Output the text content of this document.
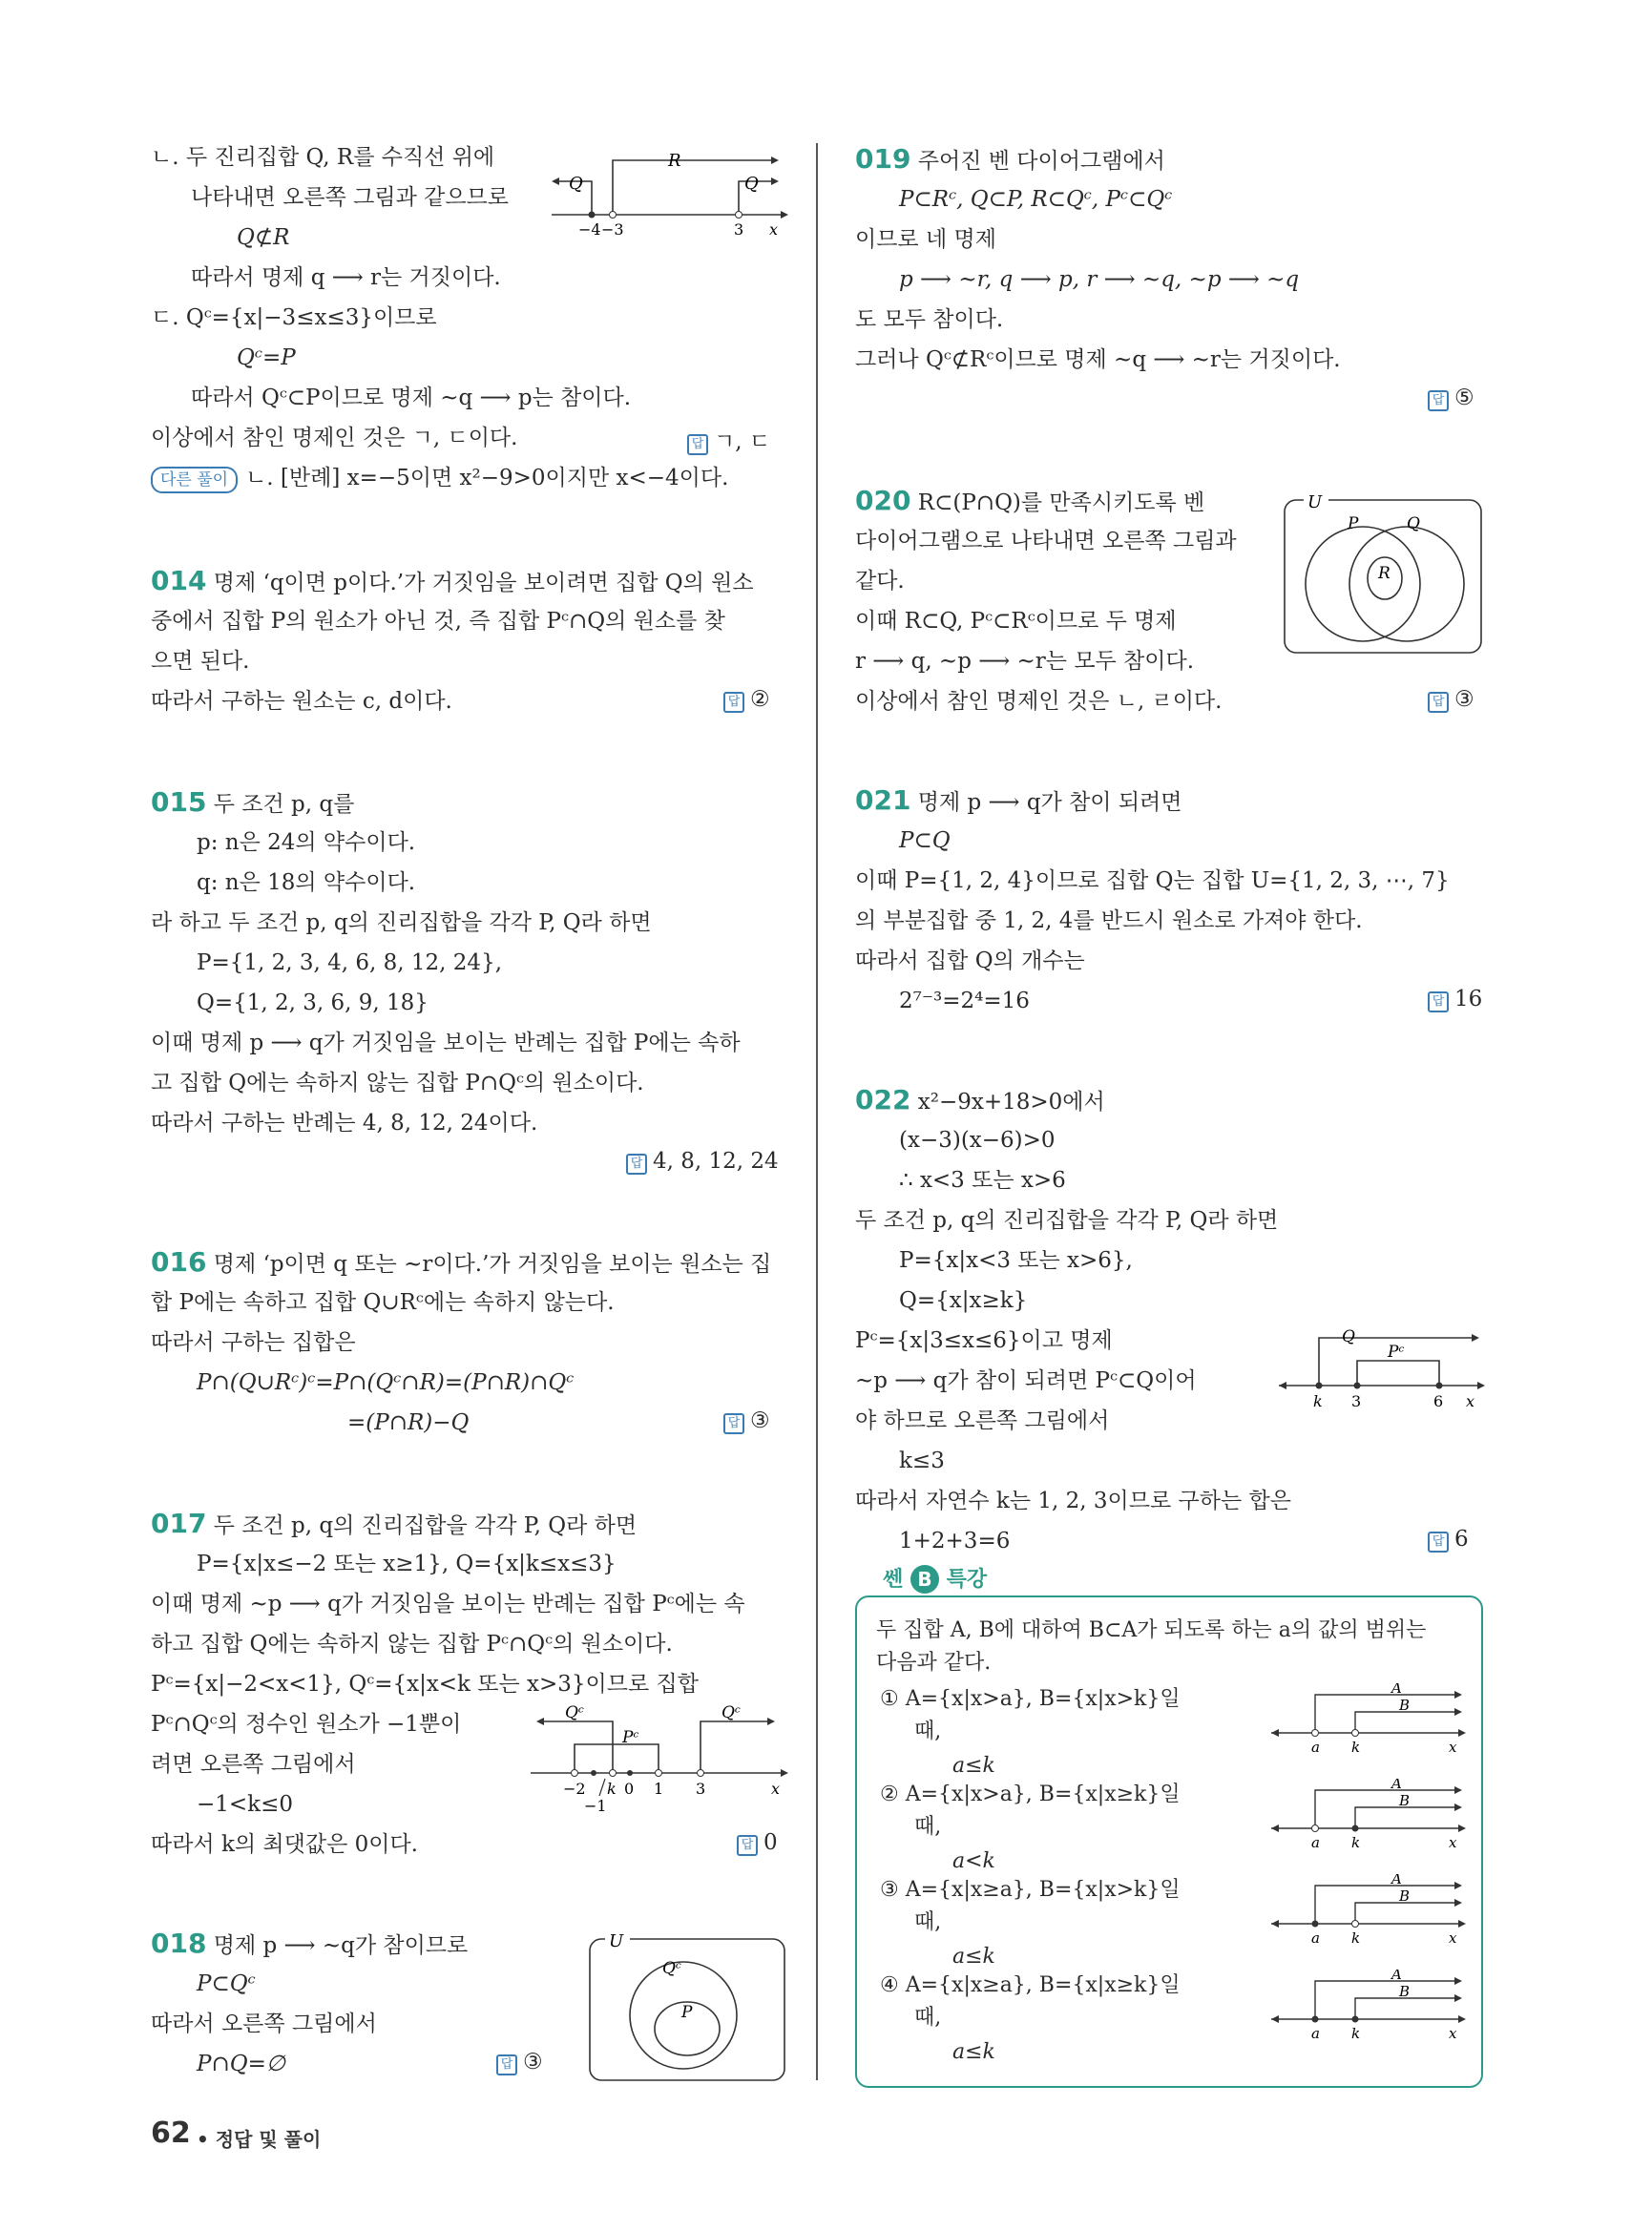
ㄴ. 두 진리집합 Q, R를 수직선 위에
나타내면 오른쪽 그림과 같으므로
Q⊄R
따라서 명제 q ⟶ r는 거짓이다.
ㄷ. Qᶜ={x|−3≤x≤3}이므로
Qᶜ=P
따라서 Qᶜ⊂P이므로 명제 ~q ⟶ p는 참이다.
이상에서 참인 명제인 것은 ㄱ, ㄷ이다.	답 ㄱ, ㄷ
다른 풀이 ㄴ. [반례] x=−5이면 x²−9>0이지만 x<−4이다.
Q
R
Q
−4 −3	3 x
014 명제 ‘q이면 p이다.’가 거짓임을 보이려면 집합 Q의 원소
중에서 집합 P의 원소가 아닌 것, 즉 집합 Pᶜ∩Q의 원소를 찾
으면 된다.
따라서 구하는 원소는 c, d이다.	답 ②
015 두 조건 p, q를
p: n은 24의 약수이다.
q: n은 18의 약수이다.
라 하고 두 조건 p, q의 진리집합을 각각 P, Q라 하면
P={1, 2, 3, 4, 6, 8, 12, 24},
Q={1, 2, 3, 6, 9, 18}
이때 명제 p ⟶ q가 거짓임을 보이는 반례는 집합 P에는 속하
고 집합 Q에는 속하지 않는 집합 P∩Qᶜ의 원소이다.
따라서 구하는 반례는 4, 8, 12, 24이다.
답 4, 8, 12, 24
016 명제 ‘p이면 q 또는 ~r이다.’가 거짓임을 보이는 원소는 집
합 P에는 속하고 집합 Q∪Rᶜ에는 속하지 않는다.
따라서 구하는 집합은
P∩(Q∪Rᶜ)ᶜ=P∩(Qᶜ∩R)=(P∩R)∩Qᶜ
=(P∩R)−Q	답 ③
017 두 조건 p, q의 진리집합을 각각 P, Q라 하면
P={x|x≤−2 또는 x≥1}, Q={x|k≤x≤3}
이때 명제 ~p ⟶ q가 거짓임을 보이는 반례는 집합 Pᶜ에는 속
하고 집합 Q에는 속하지 않는 집합 Pᶜ∩Qᶜ의 원소이다.
Pᶜ={x|−2<x<1}, Qᶜ={x|x<k 또는 x>3}이므로 집합
Pᶜ∩Qᶜ의 정수인 원소가 −1뿐이
려면 오른쪽 그림에서
−1<k≤0
따라서 k의 최댓값은 0이다.	답 0
Qᶜ
Pᶜ
Qᶜ
−2 k 0 1 3
−1
x
018 명제 p ⟶ ~q가 참이므로
P⊂Qᶜ
따라서 오른쪽 그림에서
P∩Q=∅	답 ③
U
Qᶜ
P
019 주어진 벤 다이어그램에서
P⊂Rᶜ, Q⊂P, R⊂Qᶜ, Pᶜ⊂Qᶜ
이므로 네 명제
p ⟶ ~r, q ⟶ p, r ⟶ ~q, ~p ⟶ ~q
도 모두 참이다.
그러나 Qᶜ⊄Rᶜ이므로 명제 ~q ⟶ ~r는 거짓이다.
답 ⑤
020 R⊂(P∩Q)를 만족시키도록 벤
다이어그램으로 나타내면 오른쪽 그림과
같다.
이때 R⊂Q, Pᶜ⊂Rᶜ이므로 두 명제
r ⟶ q, ~p ⟶ ~r는 모두 참이다.
이상에서 참인 명제인 것은 ㄴ, ㄹ이다.	답 ③
U
P	Q
R
021 명제 p ⟶ q가 참이 되려면
P⊂Q
이때 P={1, 2, 4}이므로 집합 Q는 집합 U={1, 2, 3, ⋯, 7}
의 부분집합 중 1, 2, 4를 반드시 원소로 가져야 한다.
따라서 집합 Q의 개수는
2⁷⁻³=2⁴=16	답 16
022 x²−9x+18>0에서
(x−3)(x−6)>0
∴ x<3 또는 x>6
두 조건 p, q의 진리집합을 각각 P, Q라 하면
P={x|x<3 또는 x>6},
Q={x|x≥k}
Pᶜ={x|3≤x≤6}이고 명제
~p ⟶ q가 참이 되려면 Pᶜ⊂Q이어
야 하므로 오른쪽 그림에서
k≤3
따라서 자연수 k는 1, 2, 3이므로 구하는 합은
1+2+3=6	답 6
Q
Pᶜ
k 3	6 x
쎈 B 특강
두 집합 A, B에 대하여 B⊂A가 되도록 하는 a의 값의 범위는
다음과 같다.
① A={x|x>a}, B={x|x>k}일
때,
a≤k
② A={x|x>a}, B={x|x≥k}일
때,
a<k
③ A={x|x≥a}, B={x|x>k}일
때,
a≤k
④ A={x|x≥a}, B={x|x≥k}일
때,
a≤k
A
B
a k	x
A
B
a k	x
A
B
a k	x
A
B
a k	x
62 • 정답 및 풀이
